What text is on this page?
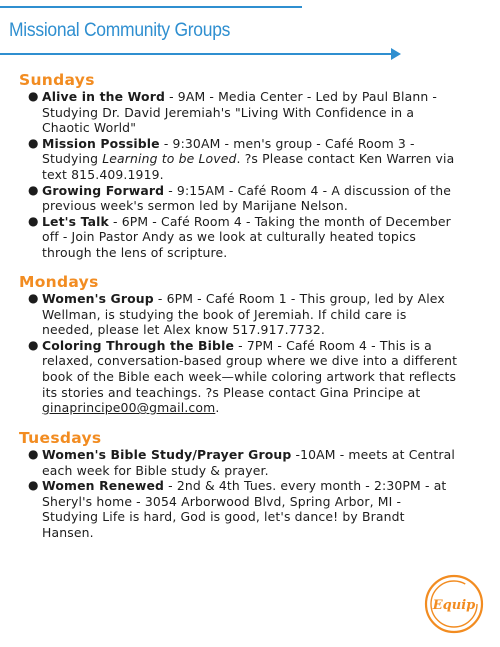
Missional Community Groups
Sundays
● Alive in the Word - 9AM - Media Center - Led by Paul Blann - Studying Dr. David Jeremiah's "Living With Confidence in a Chaotic World"
● Mission Possible - 9:30AM - men's group - Café Room 3 - Studying Learning to be Loved. ?s Please contact Ken Warren via text 815.409.1919.
● Growing Forward - 9:15AM - Café Room 4 - A discussion of the previous week's sermon led by Marijane Nelson.
● Let's Talk - 6PM - Café Room 4 - Taking the month of December off - Join Pastor Andy as we look at culturally heated topics through the lens of scripture.
Mondays
● Women's Group - 6PM - Café Room 1 - This group, led by Alex Wellman, is studying the book of Jeremiah. If child care is needed, please let Alex know 517.917.7732.
● Coloring Through the Bible - 7PM - Café Room 4 - This is a relaxed, conversation-based group where we dive into a different book of the Bible each week—while coloring artwork that reflects its stories and teachings. ?s Please contact Gina Principe at ginaprincipe00@gmail.com.
Tuesdays
● Women's Bible Study/Prayer Group -10AM - meets at Central each week for Bible study & prayer.
● Women Renewed - 2nd & 4th Tues. every month - 2:30PM - at Sheryl's home - 3054 Arborwood Blvd, Spring Arbor, MI - Studying Life is hard, God is good, let's dance! by Brandt Hansen.
Equip
